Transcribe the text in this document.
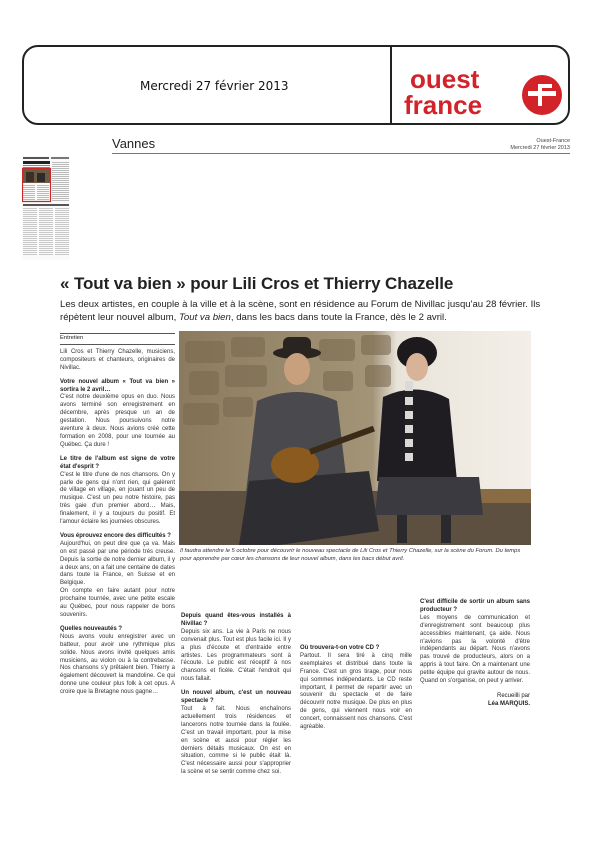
Mercredi 27 février 2013	ouest
france
Vannes	Ouest-France
Mercredi 27 février 2013
« Tout va bien » pour Lili Cros et Thierry Chazelle
Les deux artistes, en couple à la ville et à la scène, sont en résidence au Forum de Nivillac jusqu'au 28 février. Ils répètent leur nouvel album, Tout va bien, dans les bacs dans toute la France, dès le 2 avril.
Il faudra attendre le 5 octobre pour découvrir le nouveau spectacle de Lili Cros et Thierry Chazelle, sur la scène du Forum. Du temps pour apprendre par cœur les chansons de leur nouvel album, dans les bacs début avril.
Entretien

Lili Cros et Thierry Chazelle, musiciens, compositeurs et chanteurs, originaires de Nivillac.

Votre nouvel album « Tout va bien » sortira le 2 avril…

C'est notre deuxième opus en duo. Nous avons terminé son enregistrement en décembre, après presque un an de gestation. Nous poursuivons notre aventure à deux. Nous avions créé cette formation en 2008, pour une tournée au Québec. Ça dure !

Le titre de l'album est signe de votre état d'esprit ?

C'est le titre d'une de nos chansons. On y parle de gens qui n'ont rien, qui galèrent de village en village, en jouant un peu de musique. C'est un peu notre histoire, pas très gaie d'un premier abord… Mais, finalement, il y a toujours du positif. Et l'amour éclaire les journées obscures.

Vous éprouvez encore des difficultés ?

Aujourd'hui, on peut dire que ça va. Mais on est passé par une période très creuse. Depuis la sortie de notre dernier album, il y a deux ans, on a fait une centaine de dates dans toute la France, en Suisse et en Belgique.

On compte en faire autant pour notre prochaine tournée, avec une petite escale au Québec, pour nous rappeler de bons souvenirs.

Quelles nouveautés ?

Nous avons voulu enregistrer avec un batteur, pour avoir une rythmique plus solide. Nous avons invité quelques amis musiciens, au violon ou à la contrebasse. Nos chansons s'y prêtaient bien. Thierry a également découvert la mandoline. Ce qui donne une couleur plus folk à cet opus. A croire que la Bretagne nous gagne…

Depuis quand êtes-vous installés à Nivillac ?

Depuis six ans. La vie à Paris ne nous convenait plus. Tout est plus facile ici. Il y a plus d'écoute et d'entraide entre artistes. Les programmateurs sont à l'écoute. Le public est réceptif à nos chansons et ficèle. C'était l'endroit qui nous fallait.

Un nouvel album, c'est un nouveau spectacle ?

Tout à fait. Nous enchaînons actuellement trois résidences et lancerons notre tournée dans la foulée. C'est un travail important, pour la mise en scène et aussi pour régler les derniers détails musicaux. On est en situation, comme si le public était là. C'est nécessaire aussi pour s'approprier la scène et se sentir comme chez soi.

Où trouvera-t-on votre CD ?

Partout. Il sera tiré à cinq mille exemplaires et distribué dans toute la France. C'est un gros tirage, pour nous qui sommes indépendants. Le CD reste important, il permet de repartir avec un souvenir du spectacle et de faire découvrir notre musique. De plus en plus de gens, qui viennent nous voir en concert, connaissent nos chansons. C'est agréable.

C'est difficile de sortir un album sans producteur ?

Les moyens de communication et d'enregistrement sont beaucoup plus accessibles maintenant, ça aide. Nous n'avions pas la volonté d'être indépendants au départ. Nous n'avons pas trouvé de producteurs, alors on a appris à tout faire. On a maintenant une petite équipe qui gravite autour de nous. Quand on s'organise, on peut y arriver.

Recueilli par
Léa MARQUIS.
